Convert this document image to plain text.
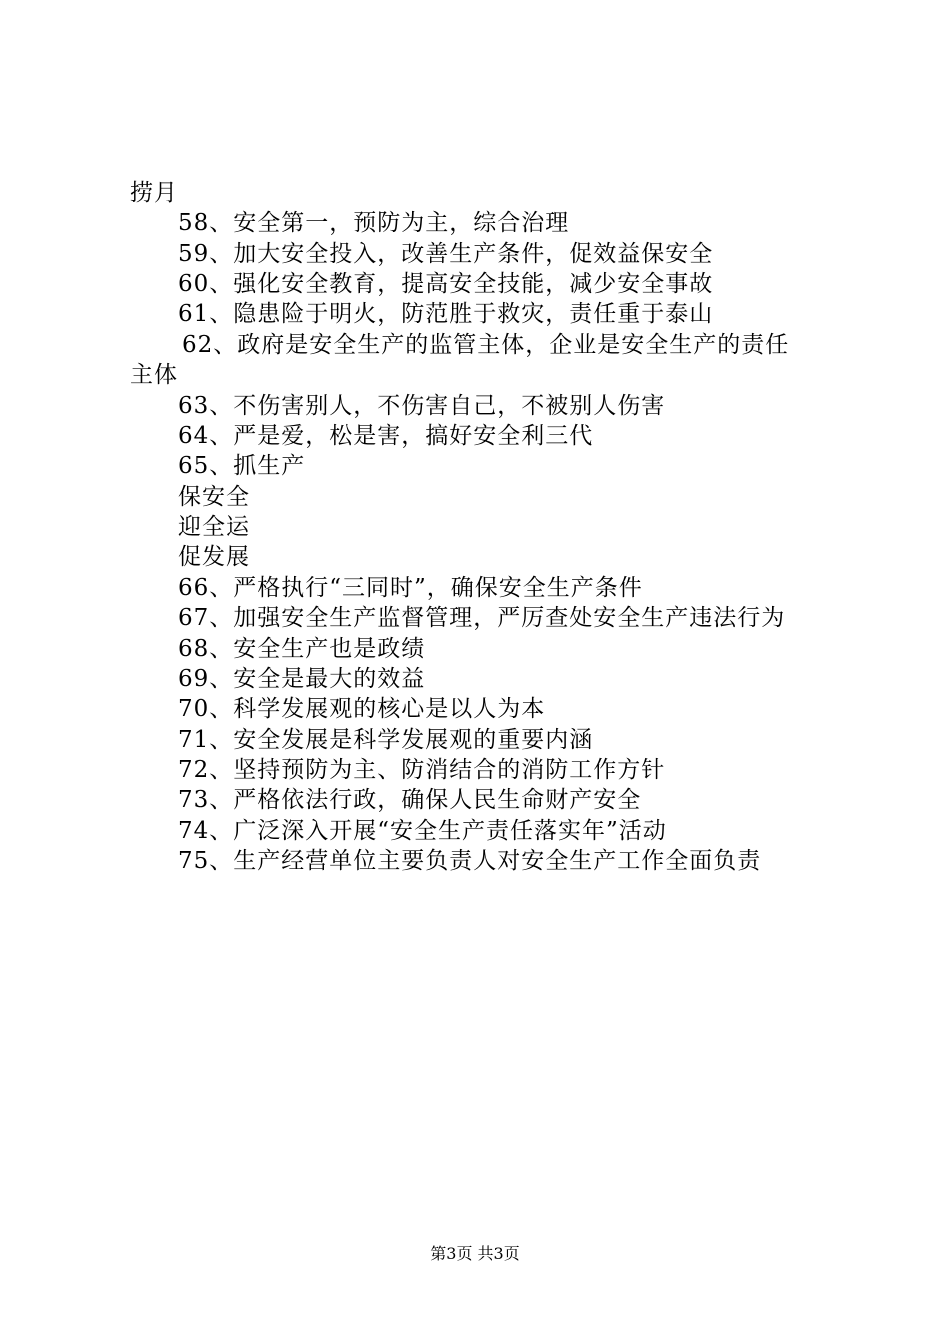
捞月
58、安全第一，预防为主，综合治理
59、加大安全投入，改善生产条件，促效益保安全
60、强化安全教育，提高安全技能，减少安全事故
61、隐患险于明火，防范胜于救灾，责任重于泰山
62、政府是安全生产的监管主体，企业是安全生产的责任
主体
63、不伤害别人，不伤害自己，不被别人伤害
64、严是爱，松是害，搞好安全利三代
65、抓生产
保安全
迎全运
促发展
66、严格执行“三同时”，确保安全生产条件
67、加强安全生产监督管理，严厉查处安全生产违法行为
68、安全生产也是政绩
69、安全是最大的效益
70、科学发展观的核心是以人为本
71、安全发展是科学发展观的重要内涵
72、坚持预防为主、防消结合的消防工作方针
73、严格依法行政，确保人民生命财产安全
74、广泛深入开展“安全生产责任落实年”活动
75、生产经营单位主要负责人对安全生产工作全面负责
第3页 共3页
